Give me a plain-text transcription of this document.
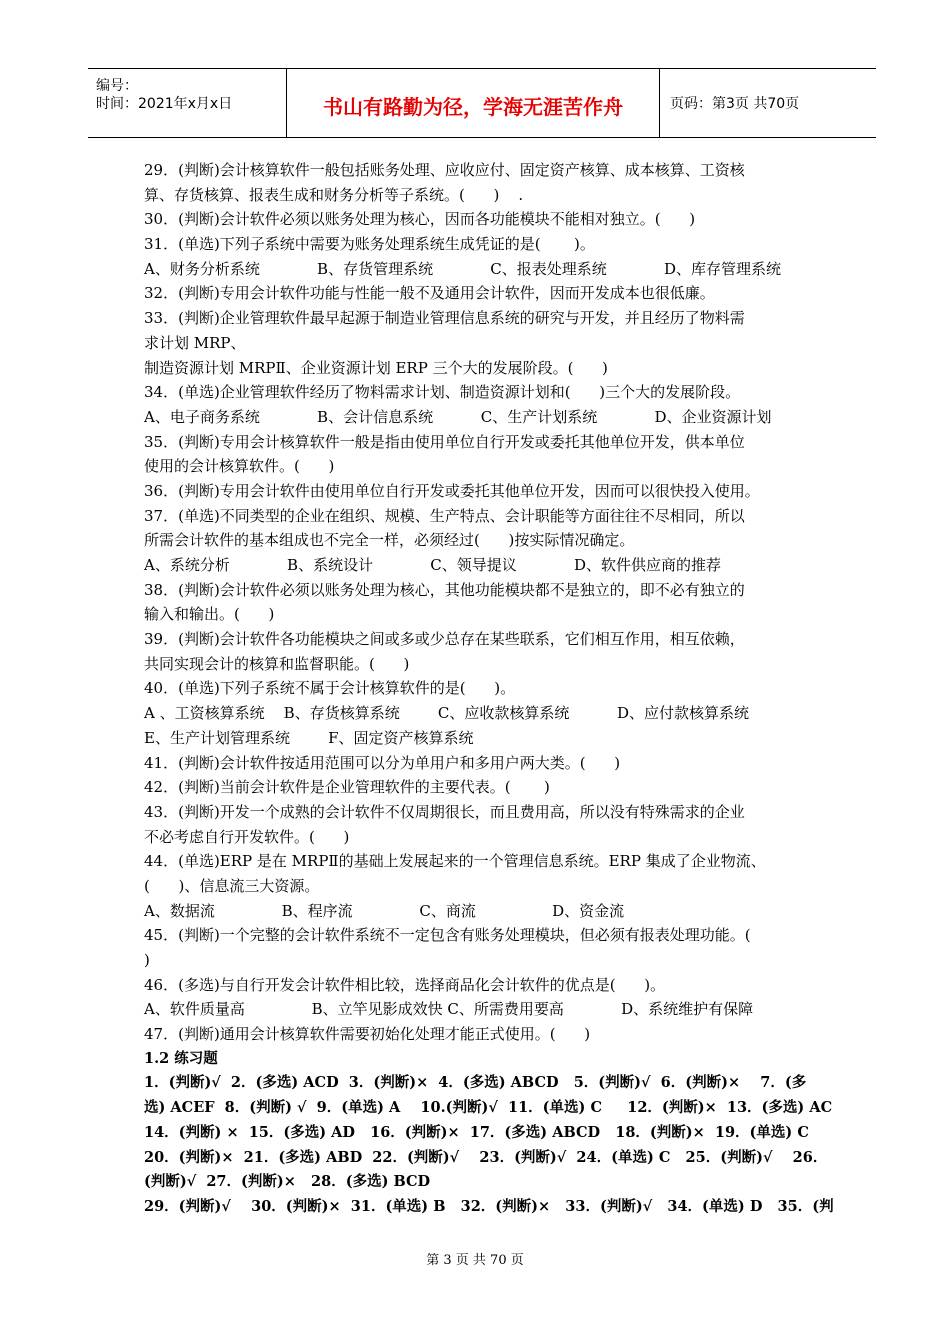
编号：
时间：2021年x月x日	书山有路勤为径，学海无涯苦作舟	页码：第3页 共70页
29．(判断)会计核算软件一般包括账务处理、应收应付、固定资产核算、成本核算、工资核
算、存货核算、报表生成和财务分析等子系统。(      )    .
30．(判断)会计软件必须以账务处理为核心，因而各功能模块不能相对独立。(      )
31．(单选)下列子系统中需要为账务处理系统生成凭证的是(       )。
A、财务分析系统            B、存货管理系统            C、报表处理系统            D、库存管理系统
32．(判断)专用会计软件功能与性能一般不及通用会计软件，因而开发成本也很低廉。
33．(判断)企业管理软件最早起源于制造业管理信息系统的研究与开发，并且经历了物料需
求计划 MRP、
制造资源计划 MRPⅡ、企业资源计划 ERP 三个大的发展阶段。(      )
34．(单选)企业管理软件经历了物料需求计划、制造资源计划和(      )三个大的发展阶段。
A、电子商务系统            B、会计信息系统          C、生产计划系统            D、企业资源计划
35．(判断)专用会计核算软件一般是指由使用单位自行开发或委托其他单位开发，供本单位
使用的会计核算软件。(      )
36．(判断)专用会计软件由使用单位自行开发或委托其他单位开发，因而可以很快投入使用。
37．(单选)不同类型的企业在组织、规模、生产特点、会计职能等方面往往不尽相同，所以
所需会计软件的基本组成也不完全一样，必须经过(      )按实际情况确定。
A、系统分析            B、系统设计            C、领导提议            D、软件供应商的推荐
38．(判断)会计软件必须以账务处理为核心，其他功能模块都不是独立的，即不必有独立的
输入和输出。(      )
39．(判断)会计软件各功能模块之间或多或少总存在某些联系，它们相互作用，相互依赖，
共同实现会计的核算和监督职能。(      )
40．(单选)下列子系统不属于会计核算软件的是(      )。
A 、工资核算系统    B、存货核算系统        C、应收款核算系统          D、应付款核算系统
E、生产计划管理系统        F、固定资产核算系统
41．(判断)会计软件按适用范围可以分为单用户和多用户两大类。(      )
42．(判断)当前会计软件是企业管理软件的主要代表。(       )
43．(判断)开发一个成熟的会计软件不仅周期很长，而且费用高，所以没有特殊需求的企业
不必考虑自行开发软件。(      )
44．(单选)ERP 是在 MRPⅡ的基础上发展起来的一个管理信息系统。ERP 集成了企业物流、
(      )、信息流三大资源。
A、数据流              B、程序流              C、商流                D、资金流
45．(判断)一个完整的会计软件系统不一定包含有账务处理模块，但必须有报表处理功能。(
)
46．(多选)与自行开发会计软件相比较，选择商品化会计软件的优点是(      )。
A、软件质量高              B、立竿见影成效快 C、所需费用要高            D、系统维护有保障
47．(判断)通用会计核算软件需要初始化处理才能正式使用。(      )
1.2 练习题
1．(判断)√  2．(多选) ACD  3．(判断)×  4．(多选) ABCD   5．(判断)√  6．(判断)×    7．(多
选) ACEF  8．(判断) √  9．(单选) A    10.(判断)√  11．(单选) C     12．(判断)×  13．(多选) AC
14．(判断) ×  15．(多选) AD   16．(判断)×  17．(多选) ABCD   18．(判断)×  19．(单选) C
20．(判断)×  21．(多选) ABD  22．(判断)√    23．(判断)√  24．(单选) C   25．(判断)√    26．
(判断)√  27．(判断)×   28．(多选) BCD
29．(判断)√    30．(判断)×  31．(单选) B   32．(判断)×   33．(判断)√   34．(单选) D   35．(判
第 3 页 共 70 页
